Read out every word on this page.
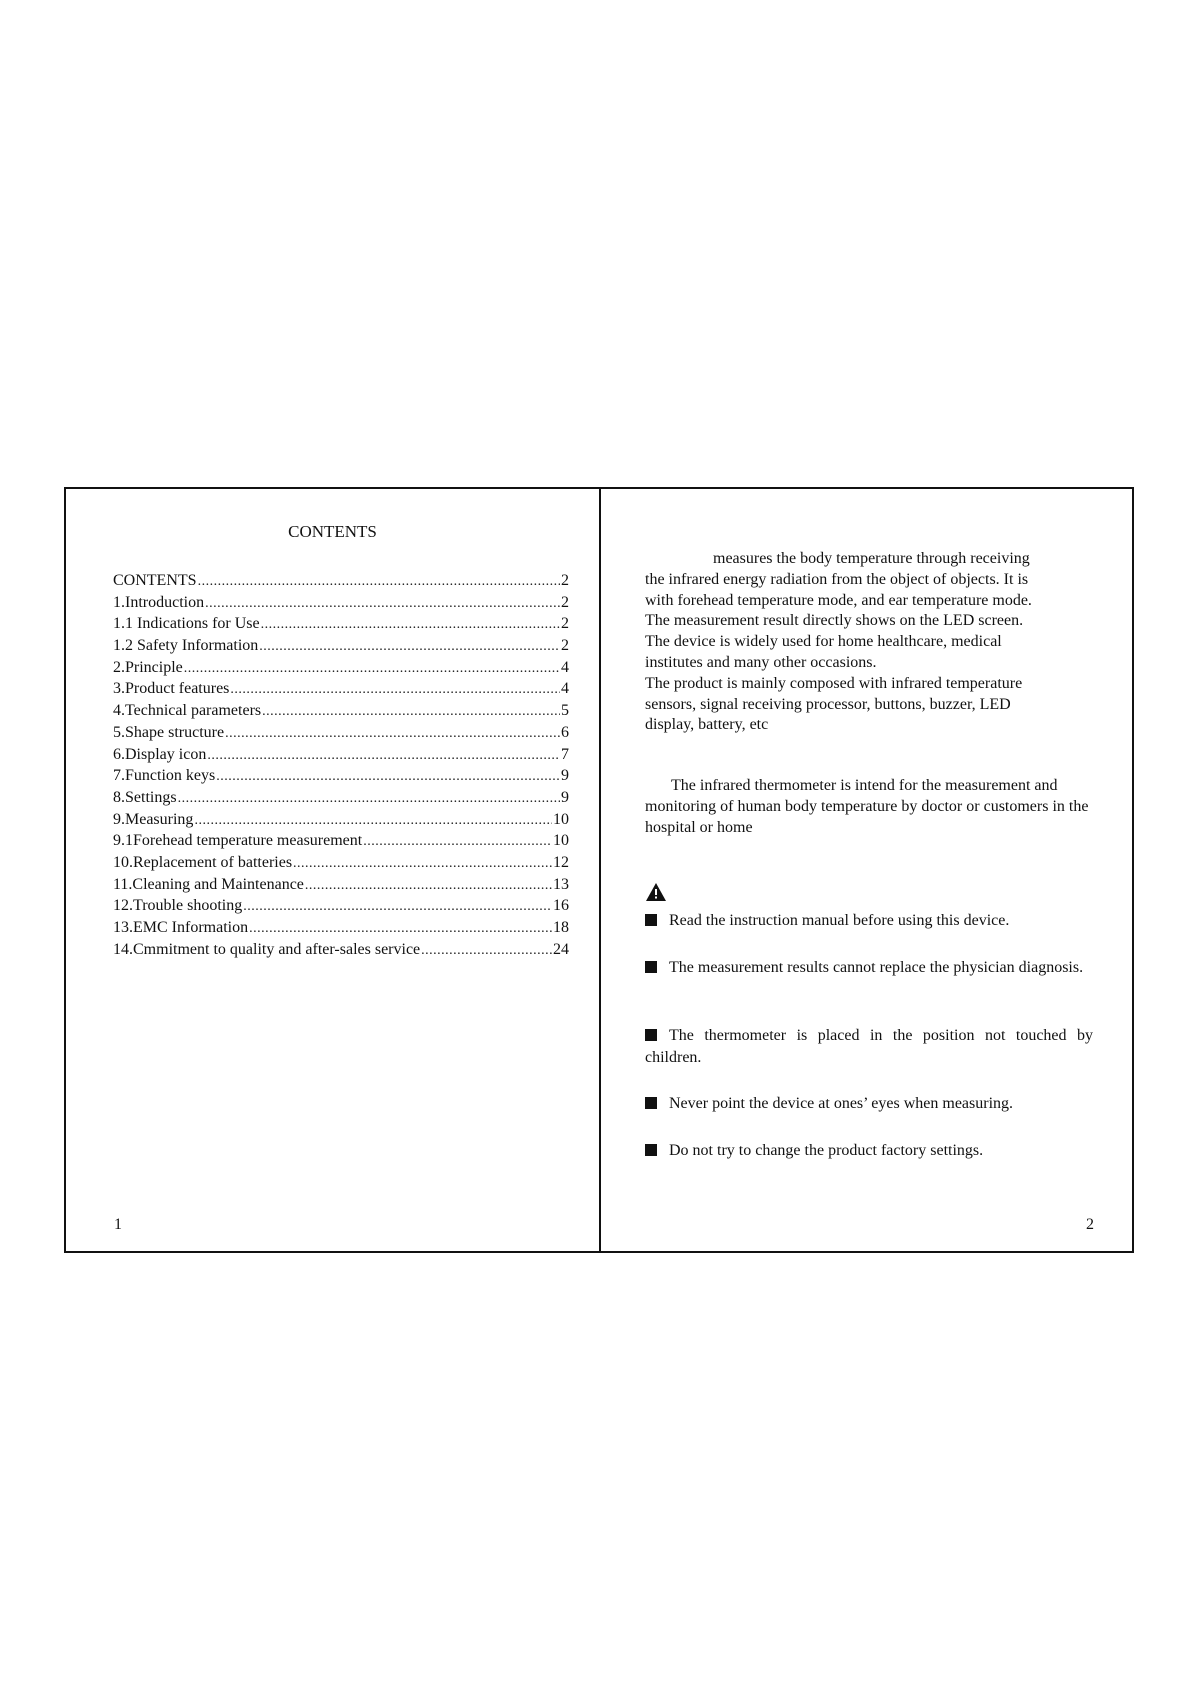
CONTENTS
CONTENTS .....	2
1.Introduction .....	2
1.1 Indications for Use .....	2
1.2 Safety Information .....	2
2.Principle .....	4
3.Product features .....	4
4.Technical parameters .....	5
5.Shape structure .....	6
6.Display icon .....	7
7.Function keys .....	9
8.Settings .....	9
9.Measuring .....	10
9.1Forehead temperature measurement .....	10
10.Replacement of batteries .....	12
11.Cleaning and Maintenance .....	13
12.Trouble shooting .....	16
13.EMC Information .....	18
14.Cmmitment to quality and after-sales service .....	24
1
measures the body temperature through receiving
the infrared energy radiation from the object of objects. It is
with forehead temperature mode, and ear temperature mode.
The measurement result directly shows on the LED screen.
The device is widely used for home healthcare, medical
institutes and many other occasions.
The product is mainly composed with infrared temperature
sensors, signal receiving processor, buttons, buzzer, LED
display, battery, etc

The infrared thermometer is intend for the measurement and monitoring of human body temperature by doctor or customers in the hospital or home

Read the instruction manual before using this device.

The measurement results cannot replace the physician diagnosis.

The thermometer is placed in the position not touched by children.

Never point the device at ones’ eyes when measuring.

Do not try to change the product factory settings.

2
